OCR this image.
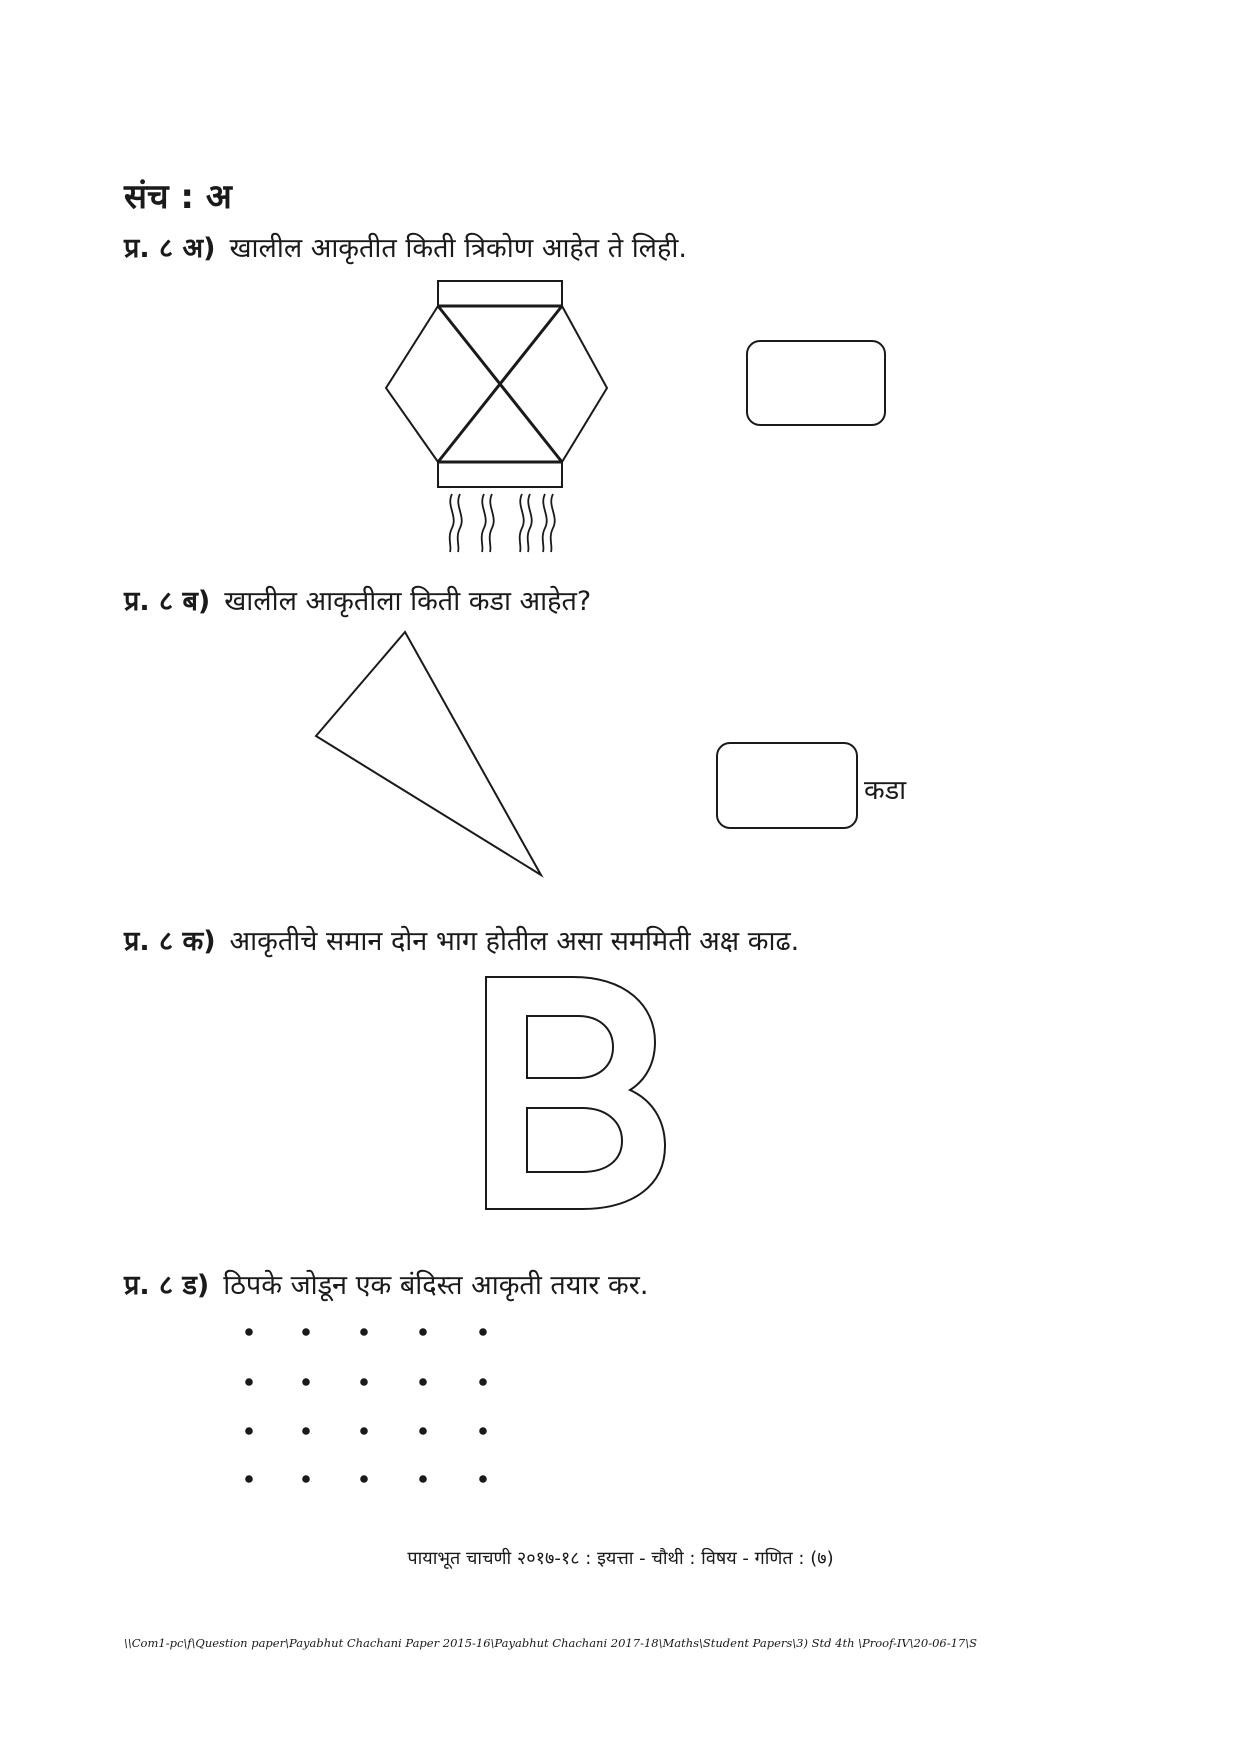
संच : अ
प्र. ८ अ) खालील आकृतीत किती त्रिकोण आहेत ते लिही.
प्र. ८ ब) खालील आकृतीला किती कडा आहेत?
प्र. ८ क) आकृतीचे समान दोन भाग होतील असा सममिती अक्ष काढ.
प्र. ८ ड) ठिपके जोडून एक बंदिस्त आकृती तयार कर.
कडा
पायाभूत चाचणी २०१७-१८ : इयत्ता - चौथी : विषय - गणित : (७)
\\Com1-pc\f\Question paper\Payabhut Chachani Paper 2015-16\Payabhut Chachani 2017-18\Maths\Student Papers\3) Std 4th \Proof-IV\20-06-17\S
